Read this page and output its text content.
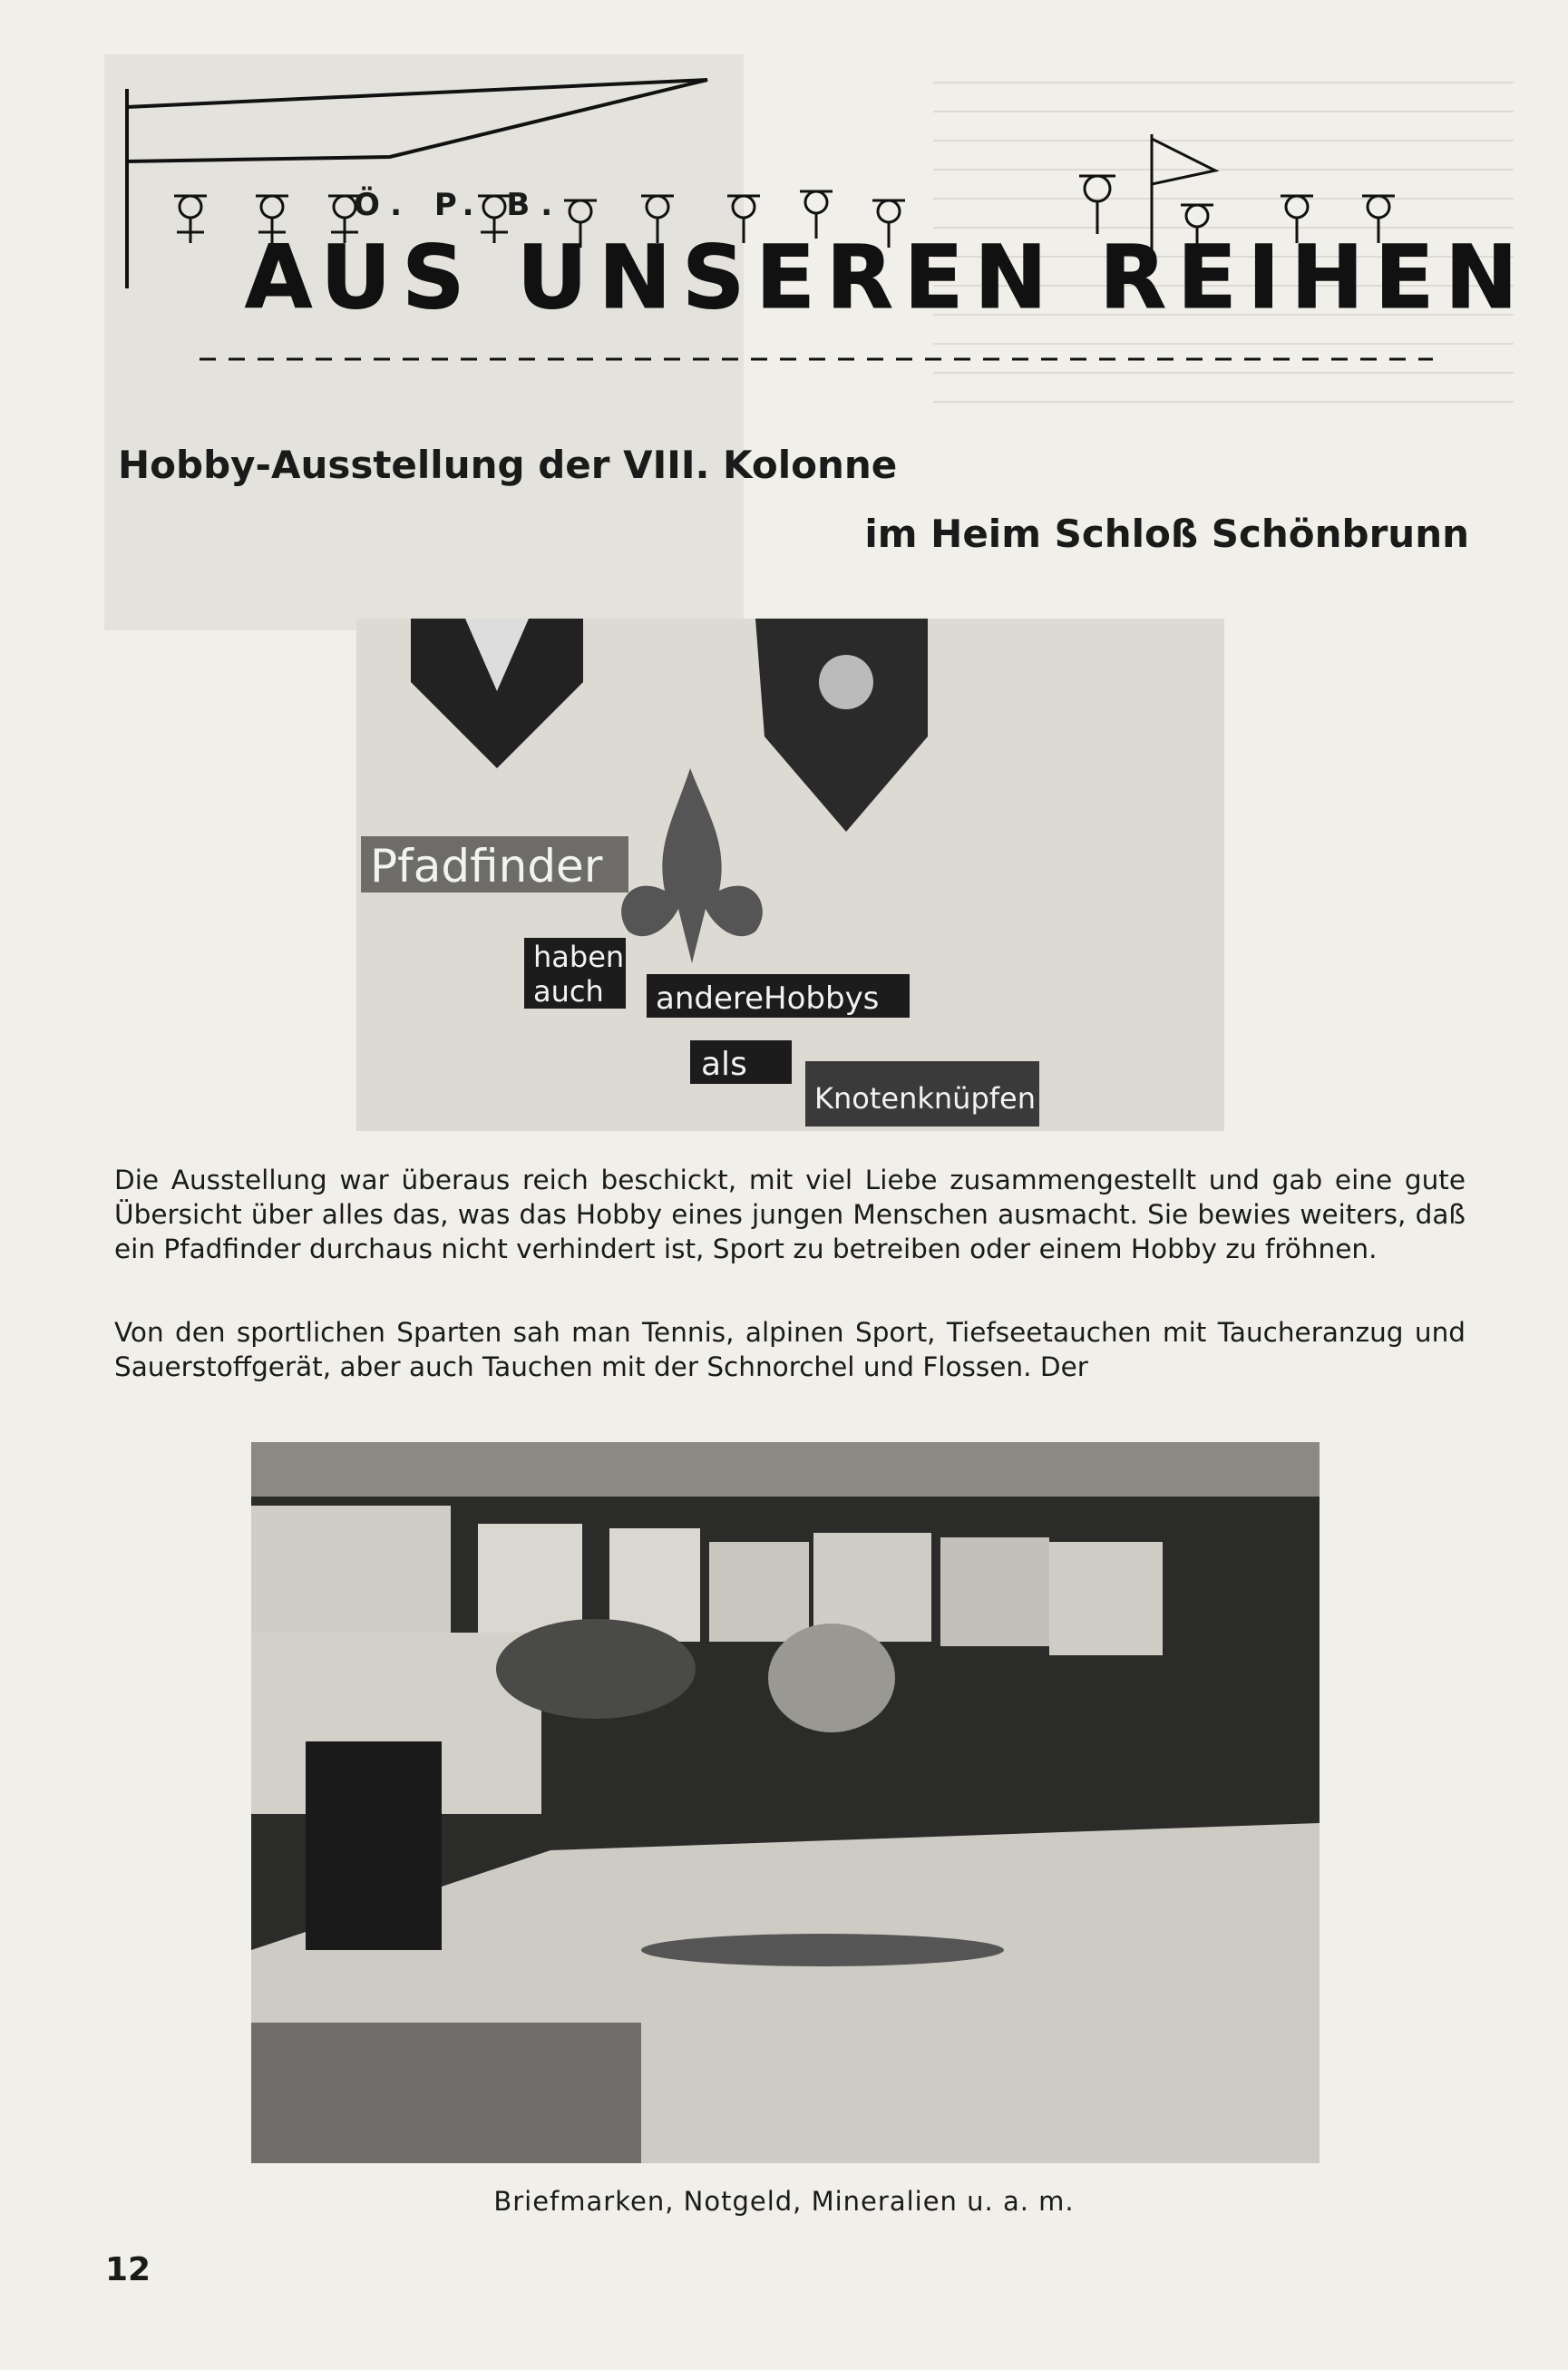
Ö. P. B.
AUS UNSEREN REIHEN
Hobby-Ausstellung der VIII. Kolonne
im Heim Schloß Schönbrunn
Pfadfinder
haben
auch andereHobbys
als
Knotenknüpfen
Die Ausstellung war überaus reich beschickt, mit viel Liebe zusammengestellt und gab eine gute Übersicht über alles das, was das Hobby eines jungen Menschen ausmacht. Sie bewies weiters, daß ein Pfadfinder durchaus nicht verhindert ist, Sport zu betreiben oder einem Hobby zu fröhnen.
Von den sportlichen Sparten sah man Tennis, alpinen Sport, Tiefseetauchen mit Taucheranzug und Sauerstoffgerät, aber auch Tauchen mit der Schnorchel und Flossen. Der
Briefmarken, Notgeld, Mineralien u. a. m.
12
